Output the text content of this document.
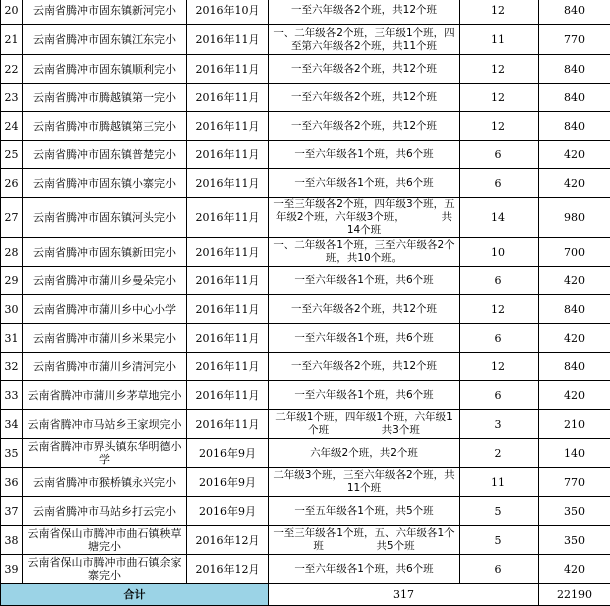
20	云南省腾冲市固东镇新河完小	2016年10月	一至六年级各2个班，共12个班	12	840
21	云南省腾冲市固东镇江东完小	2016年11月	一、二年级各2个班，三年级1个班，四至第六年级各2个班，共11个班	11	770
22	云南省腾冲市固东镇顺利完小	2016年11月	一至六年级各2个班，共12个班	12	840
23	云南省腾冲市腾越镇第一完小	2016年11月	一至六年级各2个班，共12个班	12	840
24	云南省腾冲市腾越镇第三完小	2016年11月	一至六年级各2个班，共12个班	12	840
25	云南省腾冲市固东镇普楚完小	2016年11月	一至六年级各1个班，共6个班	6	420
26	云南省腾冲市固东镇小寨完小	2016年11月	一至六年级各1个班，共6个班	6	420
27	云南省腾冲市固东镇河头完小	2016年11月	一至三年级各2个班，四年级3个班，五年级2个班，六年级3个班，　　　　共14个班	14	980
28	云南省腾冲市固东镇新田完小	2016年11月	一、二年级各1个班，三至六年级各2个班，共10个班。	10	700
29	云南省腾冲市蒲川乡曼朵完小	2016年11月	一至六年级各1个班，共6个班	6	420
30	云南省腾冲市蒲川乡中心小学	2016年11月	一至六年级各2个班，共12个班	12	840
31	云南省腾冲市蒲川乡米果完小	2016年11月	一至六年级各1个班，共6个班	6	420
32	云南省腾冲市蒲川乡清河完小	2016年11月	一至六年级各2个班，共12个班	12	840
33	云南省腾冲市蒲川乡茅草地完小	2016年11月	一至六年级各1个班，共6个班	6	420
34	云南省腾冲市马站乡王家坝完小	2016年11月	二年级1个班，四年级1个班，六年级1个班　　　　　共3个班	3	210
35	云南省腾冲市界头镇东华明德小学	2016年9月	六年级2个班，共2个班	2	140
36	云南省腾冲市猴桥镇永兴完小	2016年9月	二年级3个班，三至六年级各2个班，共11个班	11	770
37	云南省腾冲市马站乡打云完小	2016年9月	一至五年级各1个班，共5个班	5	350
38	云南省保山市腾冲市曲石镇秧草塘完小	2016年12月	一至三年级各1个班，五、六年级各1个班　　　　　共5个班	5	350
39	云南省保山市腾冲市曲石镇余家寨完小	2016年12月	一至六年级各1个班，共6个班	6	420
合计			317		22190
